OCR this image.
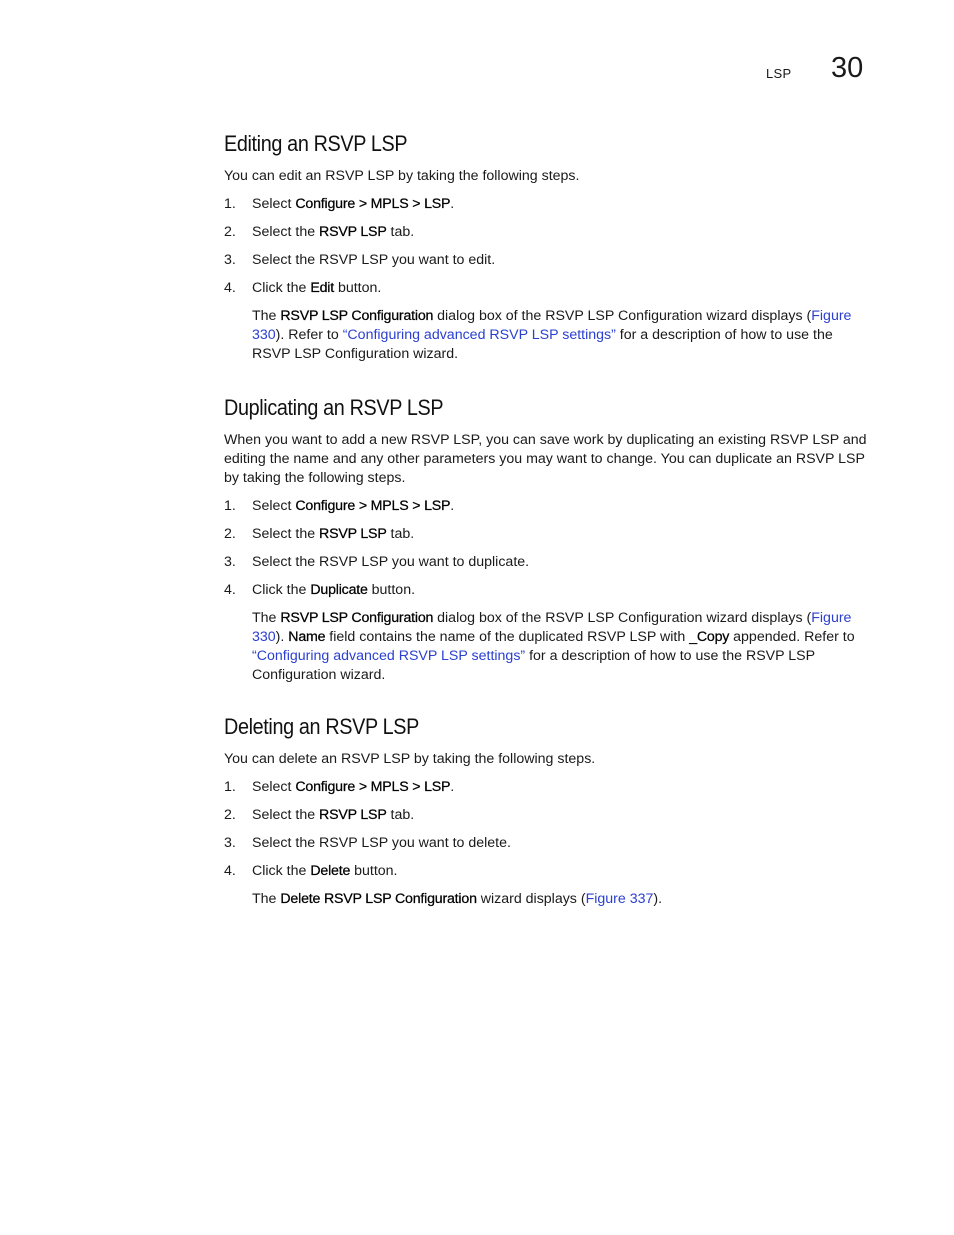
LSP 30
Editing an RSVP LSP

You can edit an RSVP LSP by taking the following steps.

1. Select Configure > MPLS > LSP.
2. Select the RSVP LSP tab.
3. Select the RSVP LSP you want to edit.
4. Click the Edit button.

The RSVP LSP Configuration dialog box of the RSVP LSP Configuration wizard displays (Figure 330). Refer to “Configuring advanced RSVP LSP settings” for a description of how to use the RSVP LSP Configuration wizard.

Duplicating an RSVP LSP

When you want to add a new RSVP LSP, you can save work by duplicating an existing RSVP LSP and editing the name and any other parameters you may want to change. You can duplicate an RSVP LSP by taking the following steps.

1. Select Configure > MPLS > LSP.
2. Select the RSVP LSP tab.
3. Select the RSVP LSP you want to duplicate.
4. Click the Duplicate button.

The RSVP LSP Configuration dialog box of the RSVP LSP Configuration wizard displays (Figure 330). Name field contains the name of the duplicated RSVP LSP with _Copy appended. Refer to “Configuring advanced RSVP LSP settings” for a description of how to use the RSVP LSP Configuration wizard.

Deleting an RSVP LSP

You can delete an RSVP LSP by taking the following steps.

1. Select Configure > MPLS > LSP.
2. Select the RSVP LSP tab.
3. Select the RSVP LSP you want to delete.
4. Click the Delete button.

The Delete RSVP LSP Configuration wizard displays (Figure 337).
